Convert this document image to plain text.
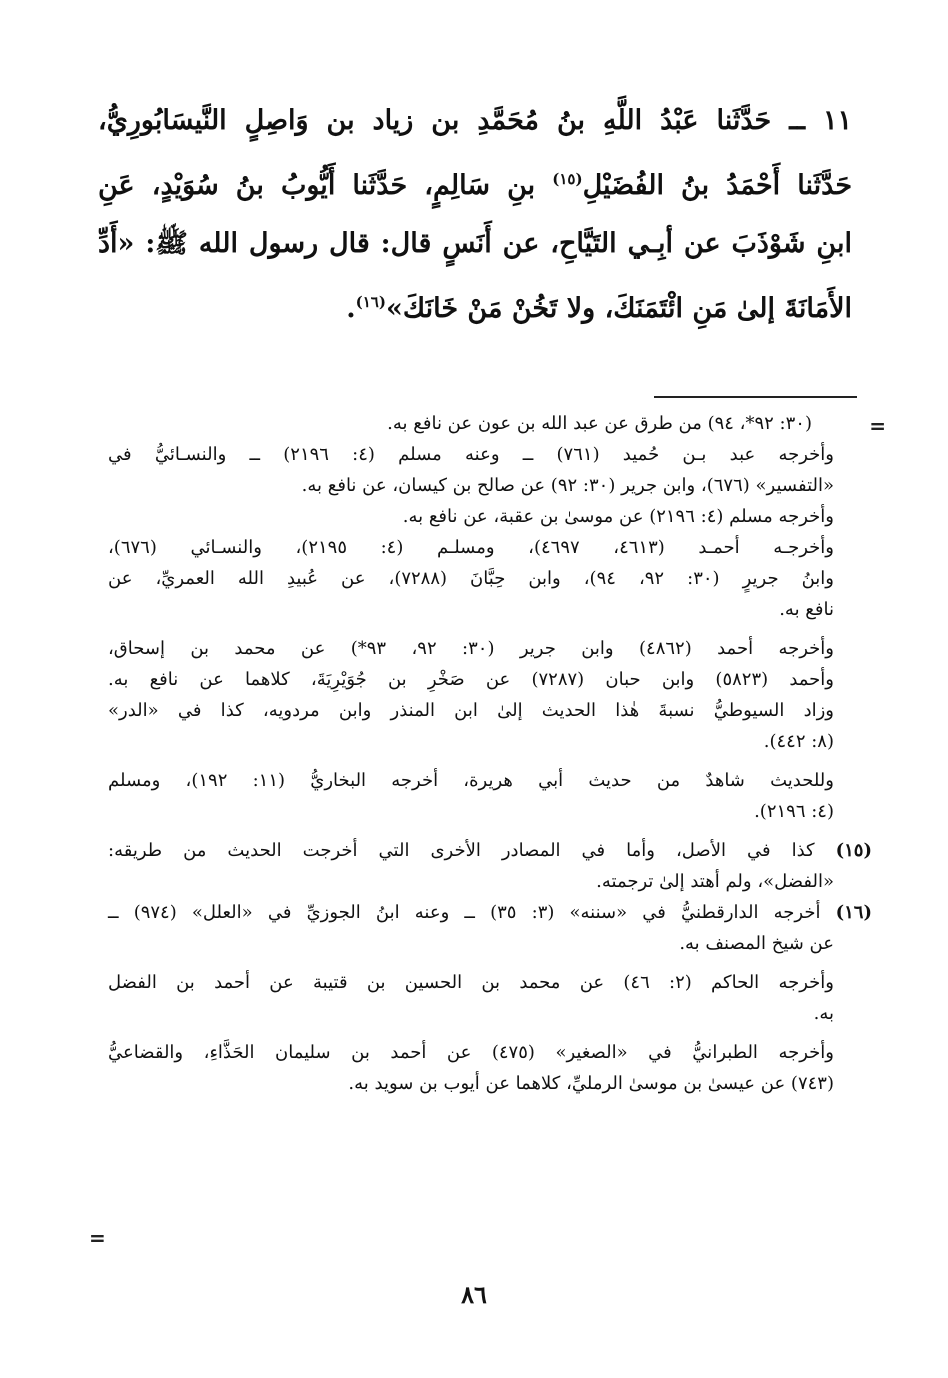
١١ ــ حَدَّثَنا عَبْدُ اللَّهِ بنُ مُحَمَّدِ بن زياد بن وَاصِلٍ النَّيسَابُورِيُّ،
حَدَّثَنا أَحْمَدُ بنُ الفُضَيْلِ$^{(١٥)}$ بنِ سَالِمٍ، حَدَّثَنا أَيُّوبُ بنُ سُوَيْدٍ، عَنِ
ابنِ شَوْذَبَ عن أبِـي التَيَّاحِ، عن أَنَسٍ قال: قال رسول الله ﷺ: «أَدِّ
الأَمَانَةَ إلىٰ مَنِ ائْتَمَنَكَ، ولا تَخُنْ مَنْ خَانَكَ»$^{(١٦)}$.
=
(٣٠: ٩٢*، ٩٤) من طرق عن عبد الله بن عون عن نافع به.
وأخرجه عبد بـن حُميد (٧٦١) ــ وعنه مسلم (٤: ٢١٩٦) ــ والنسـائيُّ في
«التفسير» (٦٧٦)، وابن جرير (٣٠: ٩٢) عن صالح بن كيسان، عن نافع به.
وأخرجه مسلم (٤: ٢١٩٦) عن موسىٰ بن عقبة، عن نافع به.
وأخرجـه أحمـد (٤٦١٣، ٤٦٩٧)، ومسلـم (٤: ٢١٩٥)، والنسـائي (٦٧٦)،
وابنُ جريرٍ (٣٠: ٩٢، ٩٤)، وابن حِبَّانَ (٧٢٨٨)، عن عُبيدِ الله العمريِّ، عن
نافع به.
وأخرجه أحمد (٤٨٦٢) وابن جرير (٣٠: ٩٢، ٩٣*) عن محمد بن إسحاق،
وأحمد (٥٨٢٣) وابن حبان (٧٢٨٧) عن صَخْرِ بن جُوَيْرِيَةَ، كلاهما عن نافع به.
وزاد السيوطيُّ نسبةَ هٰذا الحديث إلىٰ ابن المنذر وابن مردويه، كذا في «الدر»
(٨: ٤٤٢).
وللحديث شاهدٌ من حديث أبي هريرة، أخرجه البخاريُّ (١١: ١٩٢)، ومسلم
(٤: ٢١٩٦).
(١٥) كذا في الأصل، وأما في المصادر الأخرى التي أخرجت الحديث من طريقه:
«الفضل»، ولم أهتد إلىٰ ترجمته.
(١٦) أخرجه الدارقطنيُّ في «سننه» (٣: ٣٥) ــ وعنه ابنُ الجوزيِّ في «العلل» (٩٧٤) ــ
عن شيخ المصنف به.
وأخرجه الحاكم (٢: ٤٦) عن محمد بن الحسين بن قتيبة عن أحمد بن الفضل
به.
وأخرجه الطبرانيُّ في «الصغير» (٤٧٥) عن أحمد بن سليمان الحَذَّاءِ، والقضاعيُّ
(٧٤٣) عن عيسىٰ بن موسىٰ الرمليِّ، كلاهما عن أيوب بن سويد به.
=
٨٦
